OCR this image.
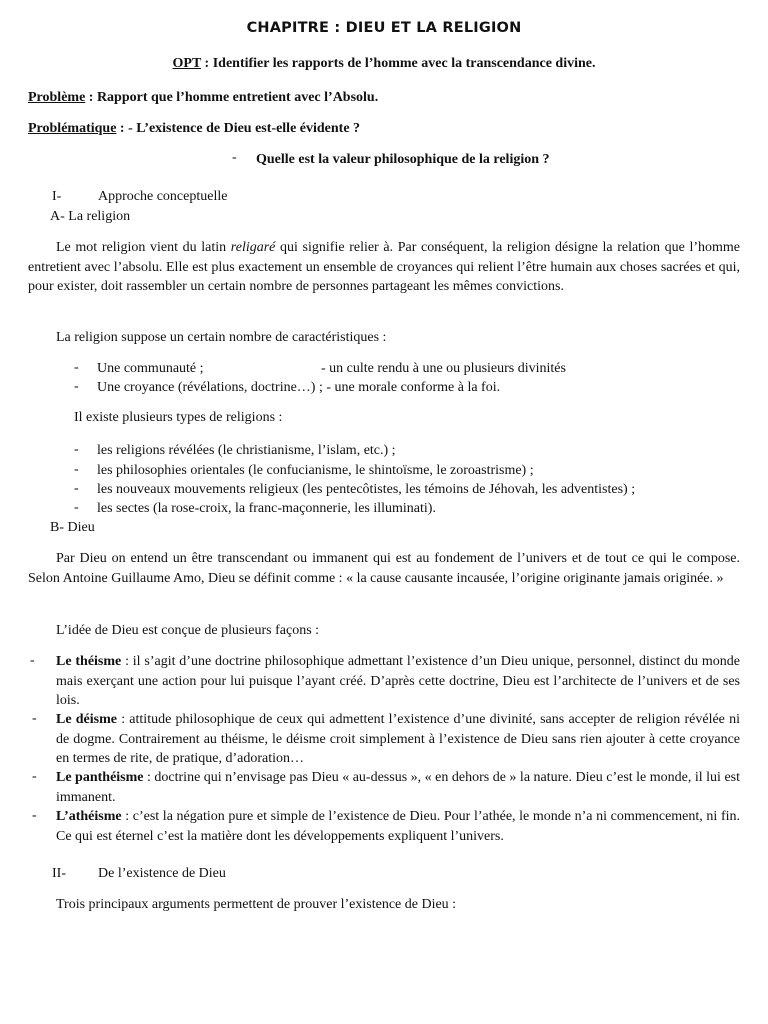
CHAPITRE : DIEU ET LA RELIGION
OPT : Identifier les rapports de l’homme avec la transcendance divine.
Problème : Rapport que l’homme entretient avec l’Absolu.
Problématique : - L’existence de Dieu est-elle évidente ?
- Quelle est la valeur philosophique de la religion ?
I-	Approche conceptuelle
A- La religion
Le mot religion vient du latin religaré qui signifie relier à. Par conséquent, la religion désigne la relation que l’homme entretient avec l’absolu. Elle est plus exactement un ensemble de croyances qui relient l’être humain aux choses sacrées et qui, pour exister, doit rassembler un certain nombre de personnes partageant les mêmes convictions.
La religion suppose un certain nombre de caractéristiques :
- Une communauté ;	- un culte rendu à une ou plusieurs divinités
- Une croyance (révélations, doctrine…) ; - une morale conforme à la foi.
Il existe plusieurs types de religions :
- les religions révélées (le christianisme, l’islam, etc.) ;
- les philosophies orientales (le confucianisme, le shintoïsme, le zoroastrisme) ;
- les nouveaux mouvements religieux (les pentecôtistes, les témoins de Jéhovah, les adventistes) ;
- les sectes (la rose-croix, la franc-maçonnerie, les illuminati).
B- Dieu
Par Dieu on entend un être transcendant ou immanent qui est au fondement de l’univers et de tout ce qui le compose. Selon Antoine Guillaume Amo, Dieu se définit comme : « la cause causante incausée, l’origine originante jamais originée. »
L’idée de Dieu est conçue de plusieurs façons :
- Le théisme : il s’agit d’une doctrine philosophique admettant l’existence d’un Dieu unique, personnel, distinct du monde mais exerçant une action pour lui puisque l’ayant créé. D’après cette doctrine, Dieu est l’architecte de l’univers et de ses lois.
- Le déisme : attitude philosophique de ceux qui admettent l’existence d’une divinité, sans accepter de religion révélée ni de dogme. Contrairement au théisme, le déisme croit simplement à l’existence de Dieu sans rien ajouter à cette croyance en termes de rite, de pratique, d’adoration…
- Le panthéisme : doctrine qui n’envisage pas Dieu « au-dessus », « en dehors de » la nature. Dieu c’est le monde, il lui est immanent.
- L’athéisme : c’est la négation pure et simple de l’existence de Dieu. Pour l’athée, le monde n’a ni commencement, ni fin. Ce qui est éternel c’est la matière dont les développements expliquent l’univers.
II- De l’existence de Dieu
Trois principaux arguments permettent de prouver l’existence de Dieu :
